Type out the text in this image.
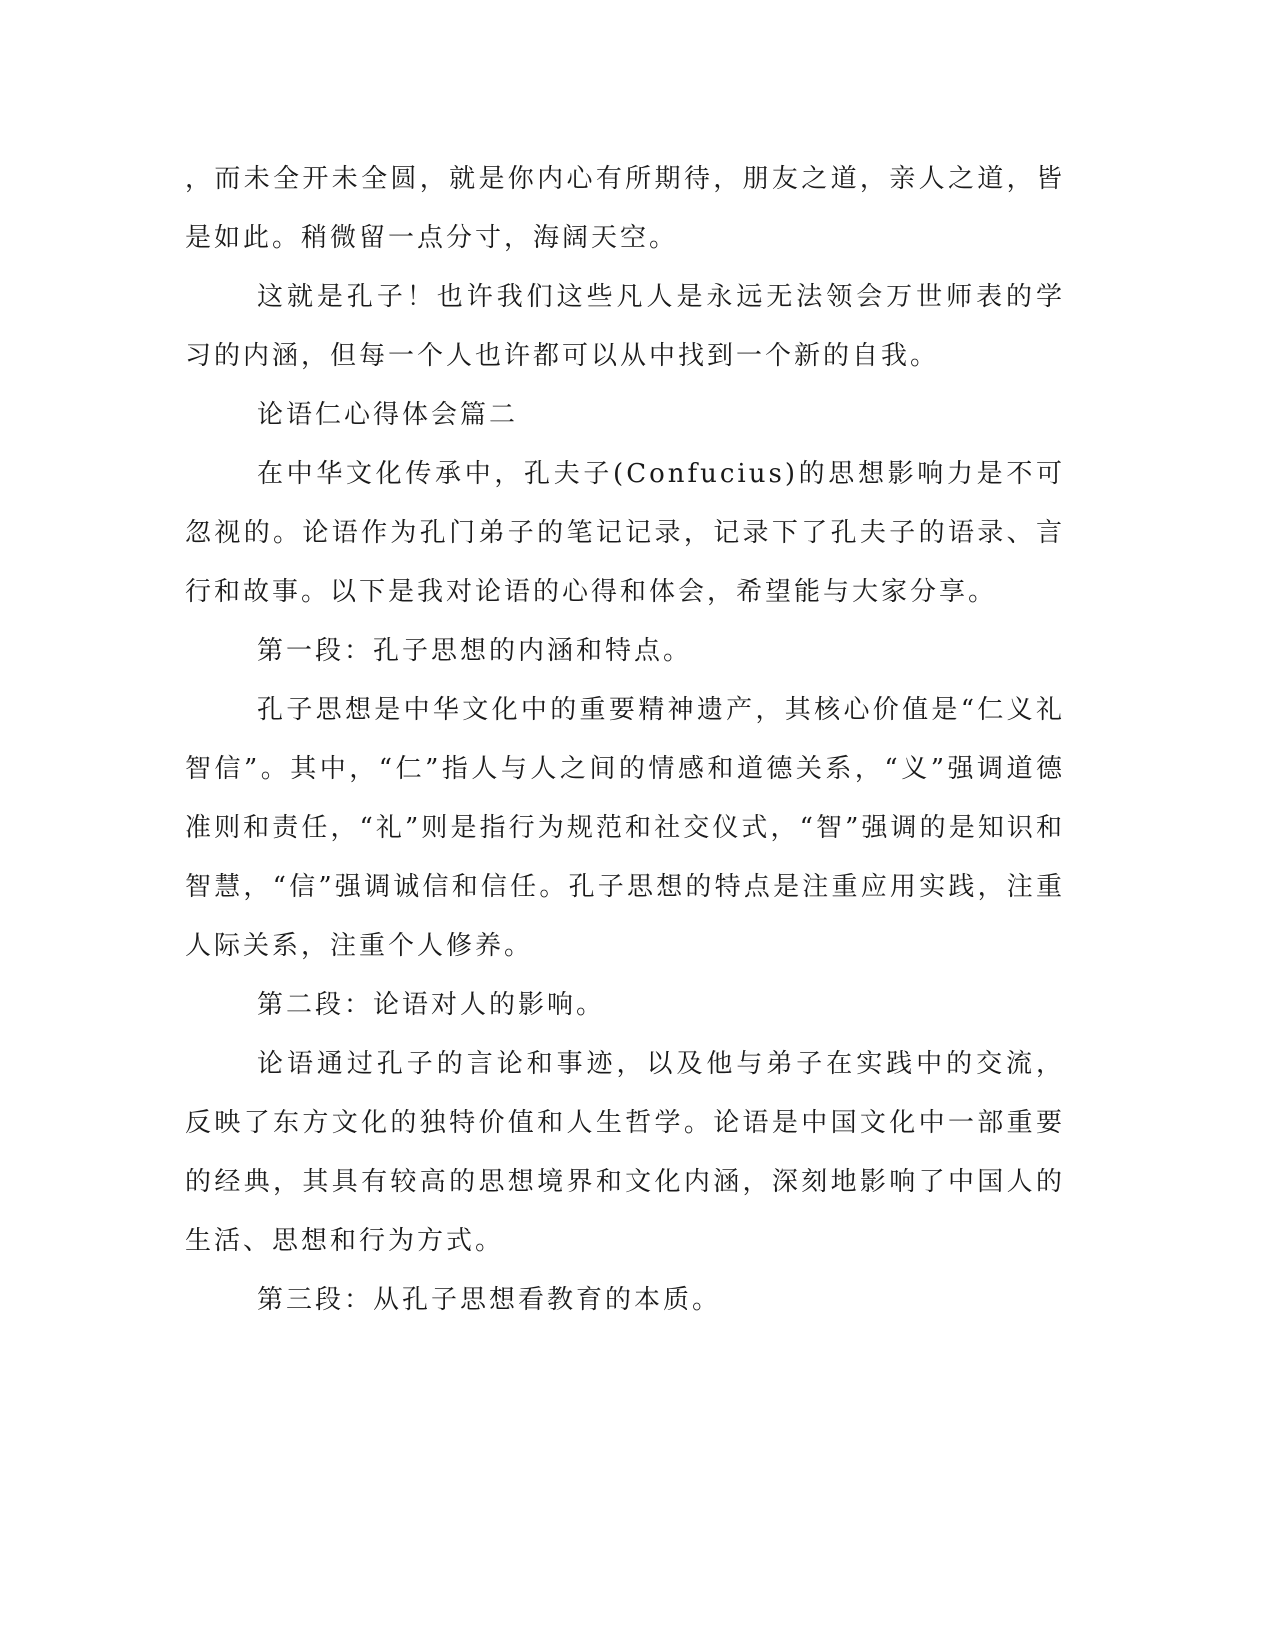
，而未全开未全圆，就是你内心有所期待，朋友之道，亲人之道，皆是如此。稍微留一点分寸，海阔天空。

这就是孔子！也许我们这些凡人是永远无法领会万世师表的学习的内涵，但每一个人也许都可以从中找到一个新的自我。

论语仁心得体会篇二

在中华文化传承中，孔夫子(Confucius)的思想影响力是不可忽视的。论语作为孔门弟子的笔记记录，记录下了孔夫子的语录、言行和故事。以下是我对论语的心得和体会，希望能与大家分享。

第一段：孔子思想的内涵和特点。

孔子思想是中华文化中的重要精神遗产，其核心价值是“仁义礼智信”。其中，“仁”指人与人之间的情感和道德关系，“义”强调道德准则和责任，“礼”则是指行为规范和社交仪式，“智”强调的是知识和智慧，“信”强调诚信和信任。孔子思想的特点是注重应用实践，注重人际关系，注重个人修养。

第二段：论语对人的影响。

论语通过孔子的言论和事迹，以及他与弟子在实践中的交流，反映了东方文化的独特价值和人生哲学。论语是中国文化中一部重要的经典，其具有较高的思想境界和文化内涵，深刻地影响了中国人的生活、思想和行为方式。

第三段：从孔子思想看教育的本质。
